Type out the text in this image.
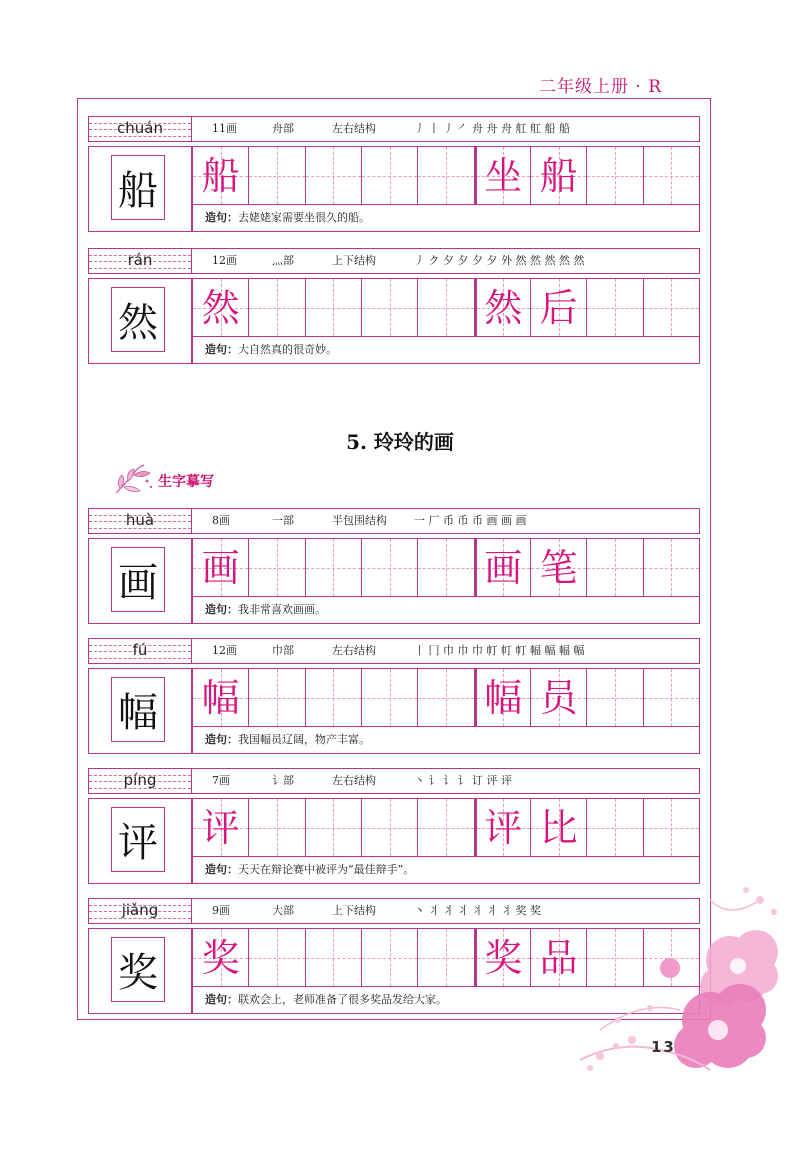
二年级上册 · R
5. 玲玲的画
生字摹写
chuán	11画	舟部	左右结构	丿 丨 丿 ㇒ 舟 舟 舟 舡 舡 船 船
船 船	坐 船
造句：去姥姥家需要坐很久的船。
rán	12画	灬部	上下结构	丿 ク 夕 夕 夕 夕 外 然 然 然 然 然
然 然	然 后
造句：大自然真的很奇妙。
huà	8画	一部	半包围结构 一 厂 币 币 币 画 画 画
画 画	画 笔
造句：我非常喜欢画画。
fú	12画	巾部	左右结构	丨 冂 巾 巾 巾 帄 帄 帄 幅 幅 幅 幅
幅 幅	幅 员
造句：我国幅员辽阔，物产丰富。
píng	7画	讠部	左右结构	丶 讠 讠 讠 订 评 评
评 评	评 比
造句：天天在辩论赛中被评为“最佳辩手”。
jiǎng	9画	大部	上下结构	丶 丬 丬 丬 丬 丬 丬 奖 奖
奖 奖	奖 品
造句：联欢会上，老师准备了很多奖品发给大家。
13
